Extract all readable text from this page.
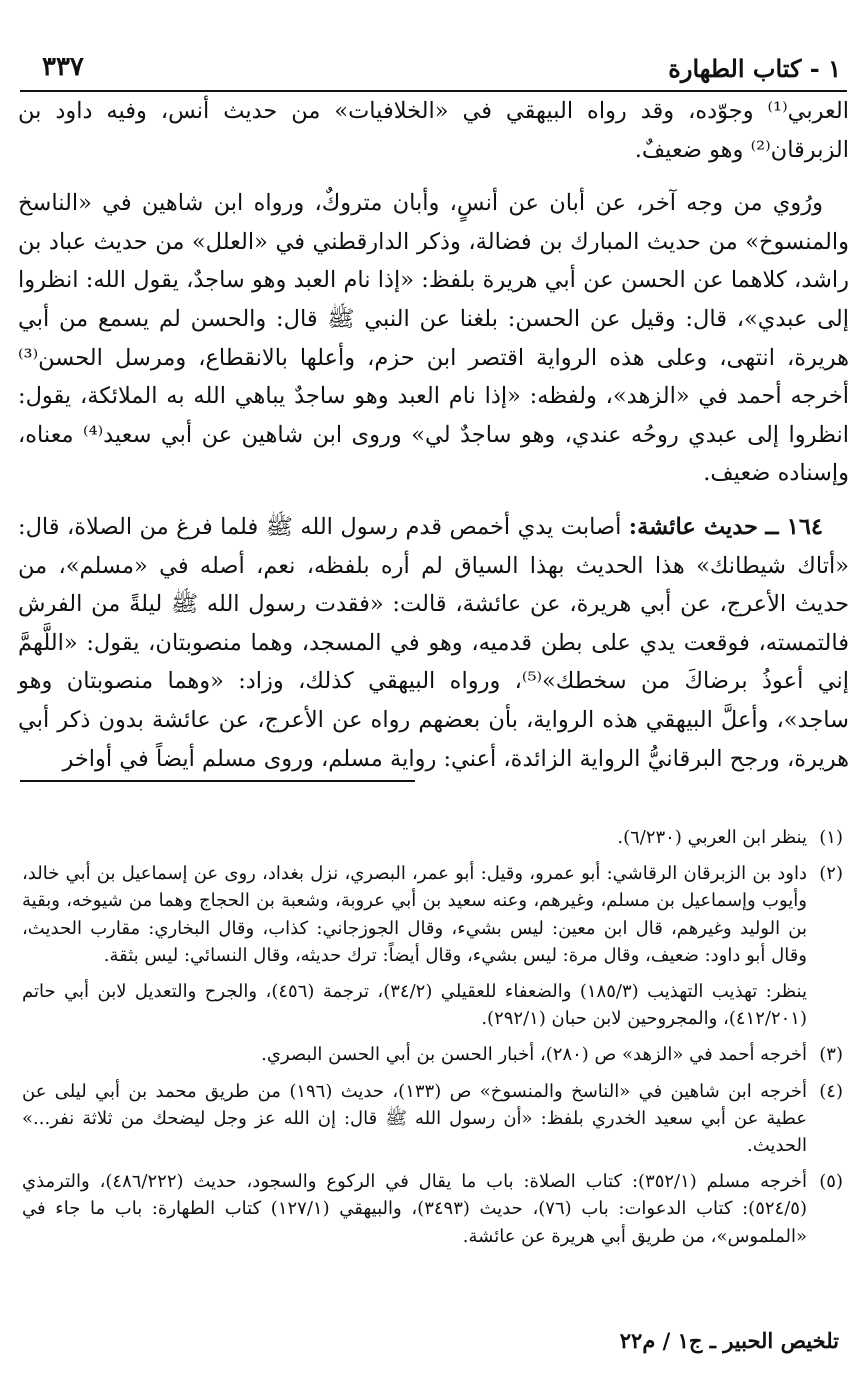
١ - كتاب الطهارة
٣٣٧

العربي⁽¹⁾ وجوّده، وقد رواه البيهقي في «الخلافيات» من حديث أنس، وفيه داود بن الزبرقان⁽²⁾ وهو ضعيفٌ.

ورُوي من وجه آخر، عن أبان عن أنسٍ، وأبان متروكٌ، ورواه ابن شاهين في «الناسخ والمنسوخ» من حديث المبارك بن فضالة، وذكر الدارقطني في «العلل» من حديث عباد بن راشد، كلاهما عن الحسن عن أبي هريرة بلفظ: «إذا نام العبد وهو ساجدٌ، يقول الله: انظروا إلى عبدي»، قال: وقيل عن الحسن: بلغنا عن النبي ﷺ قال: والحسن لم يسمع من أبي هريرة، انتهى، وعلى هذه الرواية اقتصر ابن حزم، وأعلها بالانقطاع، ومرسل الحسن⁽³⁾ أخرجه أحمد في «الزهد»، ولفظه: «إذا نام العبد وهو ساجدٌ يباهي الله به الملائكة، يقول: انظروا إلى عبدي روحُه عندي، وهو ساجدٌ لي» وروى ابن شاهين عن أبي سعيد⁽⁴⁾ معناه، وإسناده ضعيف.

١٦٤ ــ حديث عائشة: أصابت يدي أخمص قدم رسول الله ﷺ فلما فرغ من الصلاة، قال: «أتاك شيطانك» هذا الحديث بهذا السياق لم أره بلفظه، نعم، أصله في «مسلم»، من حديث الأعرج، عن أبي هريرة، عن عائشة، قالت: «فقدت رسول الله ﷺ ليلةً من الفرش فالتمسته، فوقعت يدي على بطن قدميه، وهو في المسجد، وهما منصوبتان، يقول: «اللَّهمَّ إني أعوذُ برضاكَ من سخطك»⁽⁵⁾، ورواه البيهقي كذلك، وزاد: «وهما منصوبتان وهو ساجد»، وأعلَّ البيهقي هذه الرواية، بأن بعضهم رواه عن الأعرج، عن عائشة بدون ذكر أبي هريرة، ورجح البرقانيُّ الرواية الزائدة، أعني: رواية مسلم، وروى مسلم أيضاً في أواخر

(١)
ينظر ابن العربي (٦/٢٣٠).
(٢)
داود بن الزبرقان الرقاشي: أبو عمرو، وقيل: أبو عمر، البصري، نزل بغداد، روى عن إسماعيل بن أبي خالد، وأيوب وإسماعيل بن مسلم، وغيرهم، وعنه سعيد بن أبي عروبة، وشعبة بن الحجاج وهما من شيوخه، وبقية بن الوليد وغيرهم، قال ابن معين: ليس بشيء، وقال الجوزجاني: كذاب، وقال البخاري: مقارب الحديث، وقال أبو داود: ضعيف، وقال مرة: ليس بشيء، وقال أيضاً: ترك حديثه، وقال النسائي: ليس بثقة.
ينظر: تهذيب التهذيب (١٨٥/٣) والضعفاء للعقيلي (٣٤/٢)، ترجمة (٤٥٦)، والجرح والتعديل لابن أبي حاتم (٤١٢/٢٠١)، والمجروحين لابن حبان (٢٩٢/١).
(٣)
أخرجه أحمد في «الزهد» ص (٢٨٠)، أخبار الحسن بن أبي الحسن البصري.
(٤)
أخرجه ابن شاهين في «الناسخ والمنسوخ» ص (١٣٣)، حديث (١٩٦) من طريق محمد بن أبي ليلى عن عطية عن أبي سعيد الخدري بلفظ: «أن رسول الله ﷺ قال: إن الله عز وجل ليضحك من ثلاثة نفر...» الحديث.
(٥)
أخرجه مسلم (٣٥٢/١): كتاب الصلاة: باب ما يقال في الركوع والسجود، حديث (٤٨٦/٢٢٢)، والترمذي (٥٢٤/٥): كتاب الدعوات: باب (٧٦)، حديث (٣٤٩٣)، والبيهقي (١٢٧/١) كتاب الطهارة: باب ما جاء في «الملموس»، من طريق أبي هريرة عن عائشة.
تلخيص الحبير ـ ج١ / م٢٢
